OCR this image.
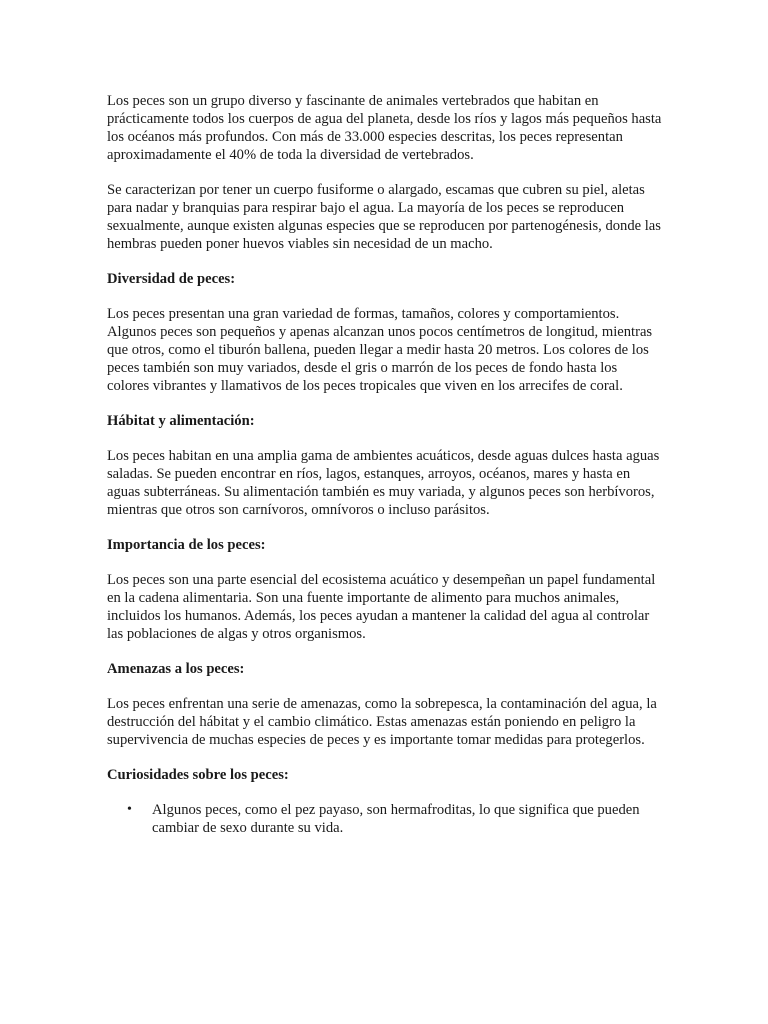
Los peces son un grupo diverso y fascinante de animales vertebrados que habitan en prácticamente todos los cuerpos de agua del planeta, desde los ríos y lagos más pequeños hasta los océanos más profundos. Con más de 33.000 especies descritas, los peces representan aproximadamente el 40% de toda la diversidad de vertebrados.

Se caracterizan por tener un cuerpo fusiforme o alargado, escamas que cubren su piel, aletas para nadar y branquias para respirar bajo el agua. La mayoría de los peces se reproducen sexualmente, aunque existen algunas especies que se reproducen por partenogénesis, donde las hembras pueden poner huevos viables sin necesidad de un macho.

Diversidad de peces:

Los peces presentan una gran variedad de formas, tamaños, colores y comportamientos. Algunos peces son pequeños y apenas alcanzan unos pocos centímetros de longitud, mientras que otros, como el tiburón ballena, pueden llegar a medir hasta 20 metros. Los colores de los peces también son muy variados, desde el gris o marrón de los peces de fondo hasta los colores vibrantes y llamativos de los peces tropicales que viven en los arrecifes de coral.

Hábitat y alimentación:

Los peces habitan en una amplia gama de ambientes acuáticos, desde aguas dulces hasta aguas saladas. Se pueden encontrar en ríos, lagos, estanques, arroyos, océanos, mares y hasta en aguas subterráneas. Su alimentación también es muy variada, y algunos peces son herbívoros, mientras que otros son carnívoros, omnívoros o incluso parásitos.

Importancia de los peces:

Los peces son una parte esencial del ecosistema acuático y desempeñan un papel fundamental en la cadena alimentaria. Son una fuente importante de alimento para muchos animales, incluidos los humanos. Además, los peces ayudan a mantener la calidad del agua al controlar las poblaciones de algas y otros organismos.

Amenazas a los peces:

Los peces enfrentan una serie de amenazas, como la sobrepesca, la contaminación del agua, la destrucción del hábitat y el cambio climático. Estas amenazas están poniendo en peligro la supervivencia de muchas especies de peces y es importante tomar medidas para protegerlos.

Curiosidades sobre los peces:

• Algunos peces, como el pez payaso, son hermafroditas, lo que significa que pueden cambiar de sexo durante su vida.
